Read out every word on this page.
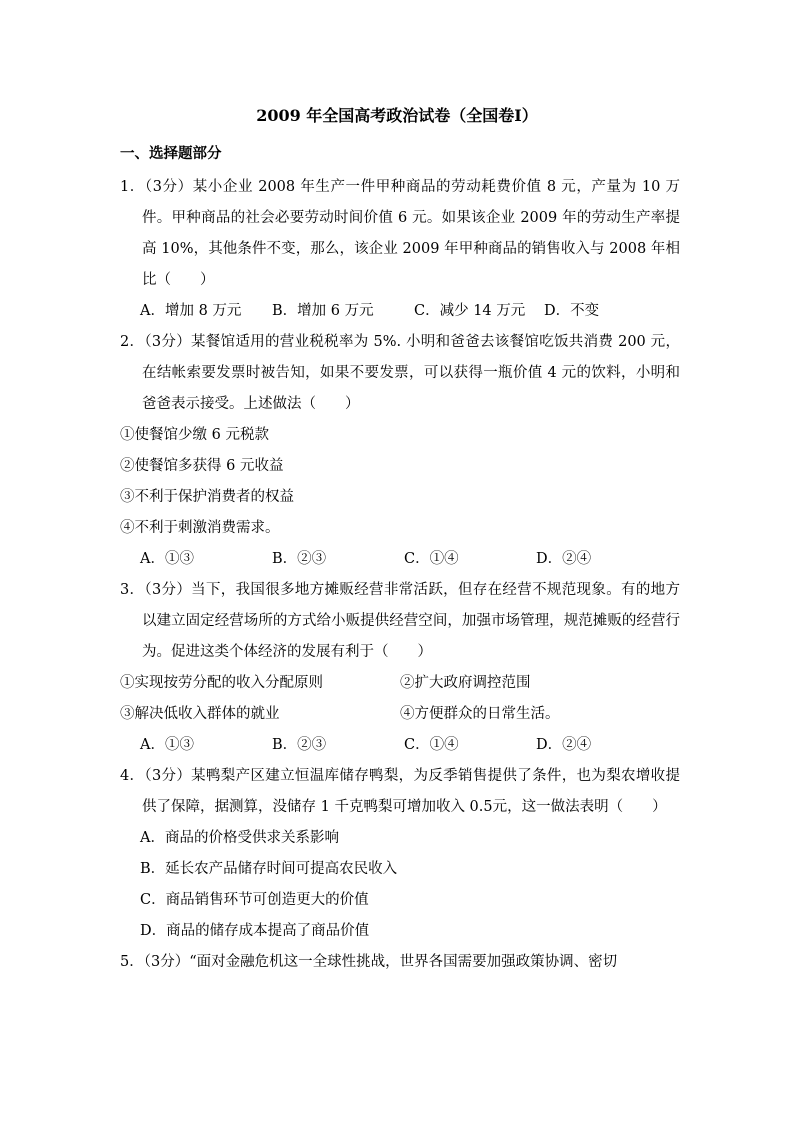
2009 年全国高考政治试卷（全国卷Ⅰ）
一、选择题部分

1．（3分）某小企业 2008 年生产一件甲种商品的劳动耗费价值 8 元，产量为 10 万件。甲种商品的社会必要劳动时间价值 6 元。如果该企业 2009 年的劳动生产率提高 10%，其他条件不变，那么，该企业 2009 年甲种商品的销售收入与 2008 年相比（　　）

A．增加 8 万元	B．增加 6 万元	C．减少 14 万元	D．不变

2．（3分）某餐馆适用的营业税税率为 5%. 小明和爸爸去该餐馆吃饭共消费 200 元，在结帐索要发票时被告知，如果不要发票，可以获得一瓶价值 4 元的饮料，小明和爸爸表示接受。上述做法（　　）

①使餐馆少缴 6 元税款

②使餐馆多获得 6 元收益

③不利于保护消费者的权益

④不利于刺激消费需求。

A．①③	B．②③	C．①④	D．②④

3．（3分）当下，我国很多地方摊贩经营非常活跃，但存在经营不规范现象。有的地方以建立固定经营场所的方式给小贩提供经营空间，加强市场管理，规范摊贩的经营行为。促进这类个体经济的发展有利于（　　）

①实现按劳分配的收入分配原则	②扩大政府调控范围
③解决低收入群体的就业	④方便群众的日常生活。
A．①③	B．②③	C．①④	D．②④

4．（3分）某鸭梨产区建立恒温库储存鸭梨，为反季销售提供了条件，也为梨农增收提供了保障，据测算，没储存 1 千克鸭梨可增加收入 0.5元，这一做法表明（　　）

A．商品的价格受供求关系影响

B．延长农产品储存时间可提高农民收入

C．商品销售环节可创造更大的价值

D．商品的储存成本提高了商品价值

5．（3分）“面对金融危机这一全球性挑战，世界各国需要加强政策协调、密切
